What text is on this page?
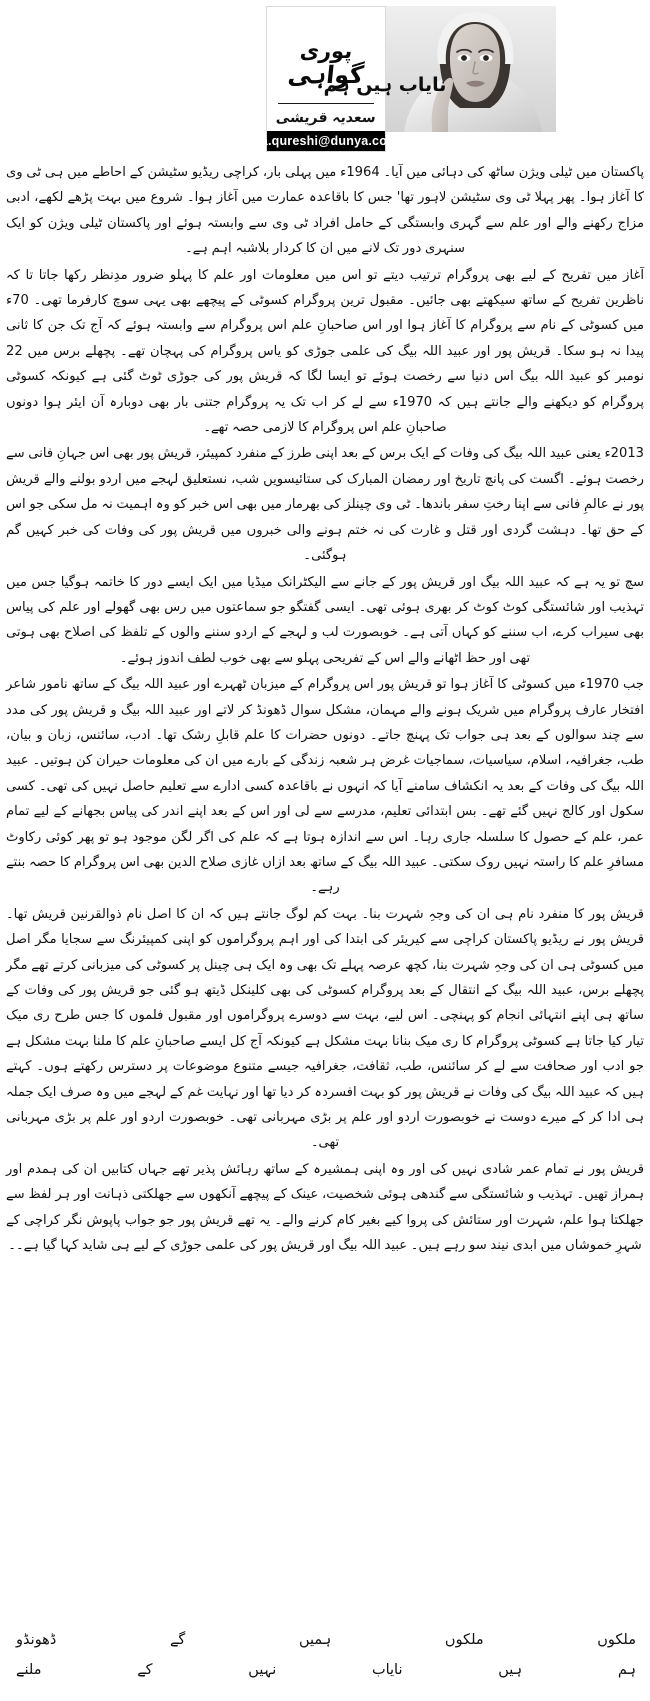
پوری
گواہی
سعدیہ قریشی
sadia.qureshi@dunya.com.pk
نایاب ہیں ہم

پاکستان میں ٹیلی ویژن ساٹھ کی دہائی میں آیا۔ 1964ء میں پہلی بار، کراچی ریڈیو سٹیشن کے احاطے میں ہی ٹی وی کا آغاز ہوا۔ پھر پہلا ٹی وی سٹیشن لاہور تھا' جس کا باقاعدہ عمارت میں آغاز ہوا۔ شروع میں بہت پڑھے لکھے، ادبی مزاج رکھنے والے اور علم سے گہری وابستگی کے حامل افراد ٹی وی سے وابستہ ہوئے اور پاکستان ٹیلی ویژن کو ایک سنہری دور تک لانے میں ان کا کردار بلاشبہ اہم ہے۔

آغاز میں تفریح کے لیے بھی پروگرام ترتیب دیتے تو اس میں معلومات اور علم کا پہلو ضرور مدِنظر رکھا جاتا تا کہ ناظرین تفریح کے ساتھ سیکھتے بھی جائیں۔ مقبول ترین پروگرام کسوٹی کے پیچھے بھی یہی سوچ کارفرما تھی۔ 70ء میں کسوٹی کے نام سے پروگرام کا آغاز ہوا اور اس صاحبانِ علم اس پروگرام سے وابستہ ہوئے کہ آج تک جن کا ثانی پیدا نہ ہو سکا۔ قریش پور اور عبید اللہ بیگ کی علمی جوڑی کو یاس پروگرام کی پہچان تھے۔ پچھلے برس میں 22 نومبر کو عبید اللہ بیگ اس دنیا سے رخصت ہوئے تو ایسا لگا کہ قریش پور کی جوڑی ٹوٹ گئی ہے کیونکہ کسوٹی پروگرام کو دیکھنے والے جانتے ہیں کہ 1970ء سے لے کر اب تک یہ پروگرام جتنی بار بھی دوبارہ آن ایئر ہوا دونوں صاحبانِ علم اس پروگرام کا لازمی حصہ تھے۔

2013ء یعنی عبید اللہ بیگ کی وفات کے ایک برس کے بعد اپنی طرز کے منفرد کمپیئر، قریش پور بھی اس جہانِ فانی سے رخصت ہوئے۔ اگست کی پانچ تاریخ اور رمضان المبارک کی ستائیسویں شب، نستعلیق لہجے میں اردو بولنے والے قریش پور نے عالمِ فانی سے اپنا رختِ سفر باندھا۔ ٹی وی چینلز کی بھرمار میں بھی اس خبر کو وہ اہمیت نہ مل سکی جو اس کے حق تھا۔ دہشت گردی اور قتل و غارت کی نہ ختم ہونے والی خبروں میں قریش پور کی وفات کی خبر کہیں گم ہوگئی۔

سچ تو یہ ہے کہ عبید اللہ بیگ اور قریش پور کے جانے سے الیکٹرانک میڈیا میں ایک ایسے دور کا خاتمہ ہوگیا جس میں تہذیب اور شائستگی کوٹ کوٹ کر بھری ہوئی تھی۔ ایسی گفتگو جو سماعتوں میں رس بھی گھولے اور علم کی پیاس بھی سیراب کرے، اب سننے کو کہاں آتی ہے۔ خوبصورت لب و لہجے کے اردو سننے والوں کے تلفظ کی اصلاح بھی ہوتی تھی اور حظ اٹھانے والے اس کے تفریحی پہلو سے بھی خوب لطف اندوز ہوئے۔

جب 1970ء میں کسوٹی کا آغاز ہوا تو قریش پور اس پروگرام کے میزبان ٹھہرے اور عبید اللہ بیگ کے ساتھ نامور شاعر افتخار عارف پروگرام میں شریک ہونے والے مہمان، مشکل سوال ڈھونڈ کر لاتے اور عبید اللہ بیگ و قریش پور کی مدد سے چند سوالوں کے بعد ہی جواب تک پہنچ جاتے۔ دونوں حضرات کا علم قابلِ رشک تھا۔ ادب، سائنس، زبان و بیان، طب، جغرافیہ، اسلام، سیاسیات، سماجیات غرض ہر شعبہ زندگی کے بارے میں ان کی معلومات حیران کن ہوتیں۔ عبید اللہ بیگ کی وفات کے بعد یہ انکشاف سامنے آیا کہ انہوں نے باقاعدہ کسی ادارے سے تعلیم حاصل نہیں کی تھی۔ کسی سکول اور کالج نہیں گئے تھے۔ بس ابتدائی تعلیم، مدرسے سے لی اور اس کے بعد اپنے اندر کی پیاس بجھانے کے لیے تمام عمر، علم کے حصول کا سلسلہ جاری رہا۔ اس سے اندازہ ہوتا ہے کہ علم کی اگر لگن موجود ہو تو پھر کوئی رکاوٹ مسافرِ علم کا راستہ نہیں روک سکتی۔ عبید اللہ بیگ کے ساتھ بعد ازاں غازی صلاح الدین بھی اس پروگرام کا حصہ بنتے رہے۔

قریش پور کا منفرد نام ہی ان کی وجہِ شہرت بنا۔ بہت کم لوگ جانتے ہیں کہ ان کا اصل نام ذوالقرنین قریش تھا۔ قریش پور نے ریڈیو پاکستان کراچی سے کیریئر کی ابتدا کی اور اہم پروگراموں کو اپنی کمپیئرنگ سے سجایا مگر اصل میں کسوٹی ہی ان کی وجہِ شہرت بنا، کچھ عرصہ پہلے تک بھی وہ ایک ہی چینل پر کسوٹی کی میزبانی کرتے تھے مگر پچھلے برس، عبید اللہ بیگ کے انتقال کے بعد پروگرام کسوٹی کی بھی کلینکل ڈیتھ ہو گئی جو قریش پور کی وفات کے ساتھ ہی اپنے انتہائی انجام کو پہنچی۔ اس لیے، بہت سے دوسرے پروگراموں اور مقبول فلموں کا جس طرح ری میک تیار کیا جاتا ہے کسوٹی پروگرام کا ری میک بنانا بہت مشکل ہے کیونکہ آج کل ایسے صاحبانِ علم کا ملنا بہت مشکل ہے جو ادب اور صحافت سے لے کر سائنس، طب، ثقافت، جغرافیہ جیسے متنوع موضوعات پر دسترس رکھتے ہوں۔ کہتے ہیں کہ عبید اللہ بیگ کی وفات نے قریش پور کو بہت افسردہ کر دیا تھا اور نہایت غم کے لہجے میں وہ صرف ایک جملہ ہی ادا کر کے میرے دوست نے خوبصورت اردو اور علم پر بڑی مہربانی تھی۔ خوبصورت اردو اور علم پر بڑی مہربانی تھی۔

قریش پور نے تمام عمر شادی نہیں کی اور وہ اپنی ہمشیرہ کے ساتھ رہائش پذیر تھے جہاں کتابیں ان کی ہمدم اور ہمراز تھیں۔ تہذیب و شائستگی سے گندھی ہوئی شخصیت، عینک کے پیچھے آنکھوں سے جھلکتی ذہانت اور ہر لفظ سے جھلکتا ہوا علم، شہرت اور ستائش کی پروا کیے بغیر کام کرنے والے۔ یہ تھے قریش پور جو جواب پاپوش نگر کراچی کے شہرِ خموشاں میں ابدی نیند سو رہے ہیں۔ عبید اللہ بیگ اور قریش پور کی علمی جوڑی کے لیے ہی شاید کہا گیا ہے۔۔

ملکوں
ملکوں
ہمیں
گے
ڈھونڈو
ہم
ہیں
نایاب
نہیں
کے
ملنے
